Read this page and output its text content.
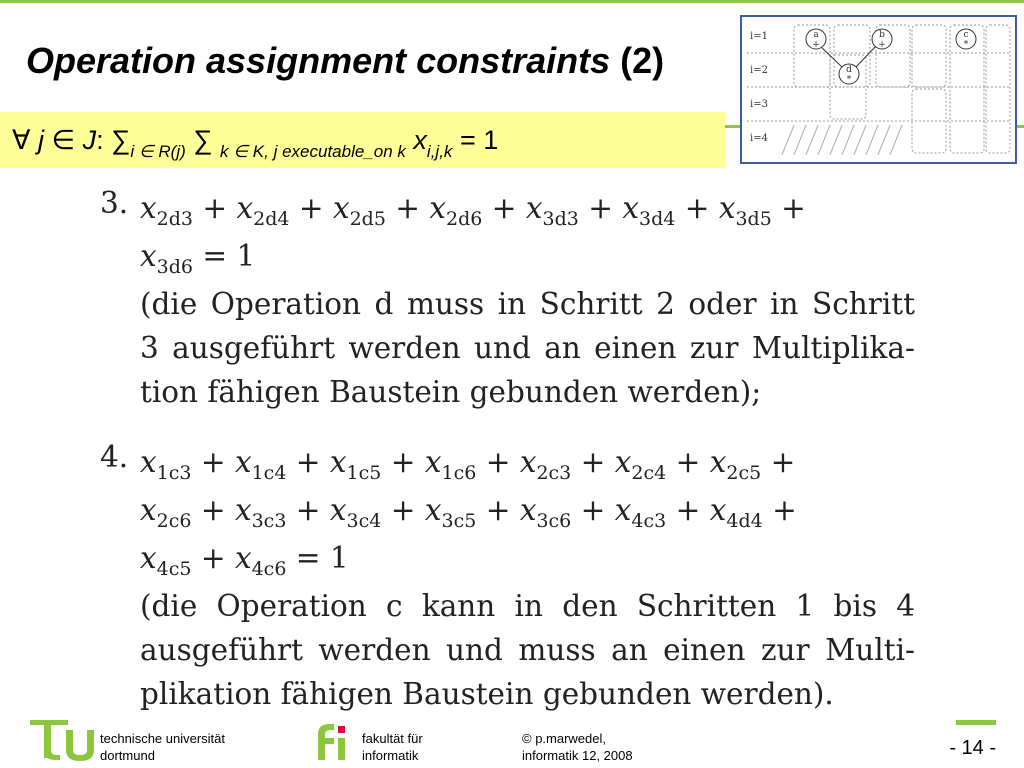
Operation assignment constraints (2)
∀ j ∈ J: $\sum_{i \in R(j)}$ ∑ $_{k \in K, j executable\_on k}$ $x_{i,j,k} = 1$
i=1
i=2
i=3
i=4
a
+
b
+
c
*
d
*
3. $x_{2d3} + x_{2d4} + x_{2d5} + x_{2d6} + x_{3d3} + x_{3d4} + x_{3d5}$ +
$x_{3d6} = 1$
(die Operation d muss in Schritt 2 oder in Schritt
3 ausgeführt werden und an einen zur Multiplika-
tion fähigen Baustein gebunden werden);
4. $x_{1c3} + x_{1c4} + x_{1c5} + x_{1c6} + x_{2c3} + x_{2c4} + x_{2c5}$ +
$x_{2c6} + x_{3c3} + x_{3c4} + x_{3c5} + x_{3c6} + x_{4c3} + x_{4d4}$ +
$x_{4c5} + x_{4c6} = 1$
(die Operation c kann in den Schritten 1 bis 4
ausgeführt werden und muss an einen zur Multi-
plikation fähigen Baustein gebunden werden).
technische universität
dortmund
fakultät für
informatik
© p.marwedel,
informatik 12, 2008	- 14 -
